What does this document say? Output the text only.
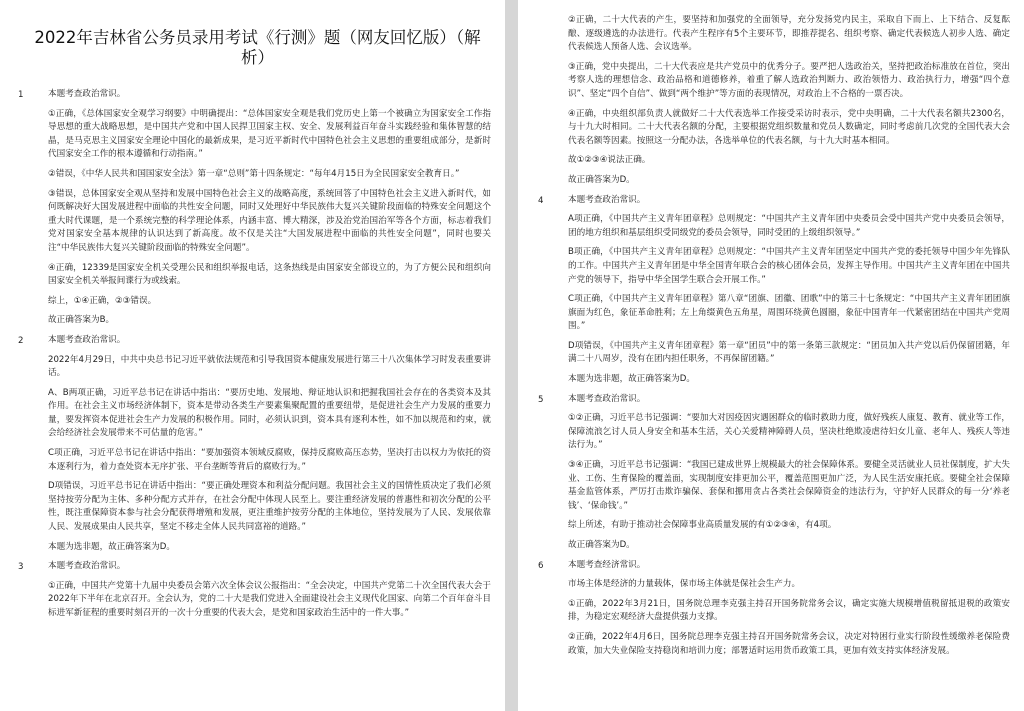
2022年吉林省公务员录用考试《行测》题（网友回忆版）（解析）
1	本题考查政治常识。
①正确，《总体国家安全观学习纲要》中明确提出：“总体国家安全观是我们党历史上第一个被确立为国家安全工作指导思想的重大战略思想，是中国共产党和中国人民捍卫国家主权、安全、发展利益百年奋斗实践经验和集体智慧的结晶，是马克思主义国家安全理论中国化的最新成果，是习近平新时代中国特色社会主义思想的重要组成部分，是新时代国家安全工作的根本遵循和行动指南。”
②错误，《中华人民共和国国家安全法》第一章“总则”第十四条规定：“每年4月15日为全民国家安全教育日。”
③错误，总体国家安全观从坚持和发展中国特色社会主义的战略高度，系统回答了中国特色社会主义进入新时代，如何既解决好大国发展进程中面临的共性安全问题，同时又处理好中华民族伟大复兴关键阶段面临的特殊安全问题这个重大时代课题，是一个系统完整的科学理论体系，内涵丰富、博大精深，涉及治党治国治军等各个方面，标志着我们党对国家安全基本规律的认识达到了新高度。故不仅是关注“大国发展进程中面临的共性安全问题”，同时也要关注“中华民族伟大复兴关键阶段面临的特殊安全问题”。
④正确，12339是国家安全机关受理公民和组织举报电话，这条热线是由国家安全部设立的，为了方便公民和组织向国家安全机关举报间谍行为或线索。
综上，①④正确，②③错误。
故正确答案为B。
2	本题考查政治常识。
2022年4月29日，中共中央总书记习近平就依法规范和引导我国资本健康发展进行第三十八次集体学习时发表重要讲话。
A、B两项正确，习近平总书记在讲话中指出：“要历史地、发展地、辩证地认识和把握我国社会存在的各类资本及其作用。在社会主义市场经济体制下，资本是带动各类生产要素集聚配置的重要纽带，是促进社会生产力发展的重要力量，要发挥资本促进社会生产力发展的积极作用。同时，必须认识到，资本具有逐利本性，如不加以规范和约束，就会给经济社会发展带来不可估量的危害。”
C项正确，习近平总书记在讲话中指出：“要加强资本领域反腐败，保持反腐败高压态势，坚决打击以权力为依托的资本逐利行为，着力查处资本无序扩张、平台垄断等背后的腐败行为。”
D项错误，习近平总书记在讲话中指出：“要正确处理资本和利益分配问题。我国社会主义的国情性质决定了我们必须坚持按劳分配为主体、多种分配方式并存，在社会分配中体现人民至上。要注重经济发展的普惠性和初次分配的公平性，既注重保障资本参与社会分配获得增殖和发展，更注重维护按劳分配的主体地位，坚持发展为了人民、发展依靠人民、发展成果由人民共享，坚定不移走全体人民共同富裕的道路。”
本题为选非题，故正确答案为D。
3	本题考查政治常识。
①正确，中国共产党第十九届中央委员会第六次全体会议公报指出：“全会决定，中国共产党第二十次全国代表大会于2022年下半年在北京召开。全会认为，党的二十大是我们党进入全面建设社会主义现代化国家、向第二个百年奋斗目标进军新征程的重要时刻召开的一次十分重要的代表大会，是党和国家政治生活中的一件大事。”
②正确，二十大代表的产生，要坚持和加强党的全面领导，充分发扬党内民主，采取自下而上、上下结合、反复酝酿、逐级遴选的办法进行。代表产生程序有5个主要环节，即推荐提名、组织考察、确定代表候选人初步人选、确定代表候选人预备人选、会议选举。
③正确，党中央提出，二十大代表应是共产党员中的优秀分子。要严把人选政治关，坚持把政治标准放在首位，突出考察人选的理想信念、政治品格和道德修养，着重了解人选政治判断力、政治领悟力、政治执行力，增强“四个意识”、坚定“四个自信”、做到“两个维护”等方面的表现情况，对政治上不合格的一票否决。
④正确，中央组织部负责人就做好二十大代表选举工作接受采访时表示，党中央明确，二十大代表名额共2300名，与十九大时相同。二十大代表名额的分配，主要根据党组织数量和党员人数确定，同时考虑前几次党的全国代表大会代表名额等因素。按照这一分配办法，各选举单位的代表名额，与十九大时基本相同。
故①②③④说法正确。
故正确答案为D。
4	本题考查政治常识。
A项正确，《中国共产主义青年团章程》总则规定：“中国共产主义青年团中央委员会受中国共产党中央委员会领导，团的地方组织和基层组织受同级党的委员会领导，同时受团的上级组织领导。”
B项正确，《中国共产主义青年团章程》总则规定：“中国共产主义青年团坚定中国共产党的委托领导中国少年先锋队的工作。中国共产主义青年团是中华全国青年联合会的核心团体会员，发挥主导作用。中国共产主义青年团在中国共产党的领导下，指导中华全国学生联合会开展工作。”
C项正确，《中国共产主义青年团章程》第八章“团旗、团徽、团歌”中的第三十七条规定：“中国共产主义青年团团旗旗面为红色，象征革命胜利；左上角缀黄色五角星，周围环绕黄色圆圈，象征中国青年一代紧密团结在中国共产党周围。”
D项错误，《中国共产主义青年团章程》第一章“团员”中的第一条第三款规定：“团员加入共产党以后仍保留团籍，年满二十八周岁，没有在团内担任职务，不再保留团籍。”
本题为选非题，故正确答案为D。
5	本题考查政治常识。
①②正确，习近平总书记强调：“要加大对因疫因灾遇困群众的临时救助力度，做好残疾人康复、教育、就业等工作，保障流浪乞讨人员人身安全和基本生活，关心关爱精神障碍人员，坚决杜绝欺凌虐待妇女儿童、老年人、残疾人等违法行为。”
③④正确，习近平总书记强调：“我国已建成世界上规模最大的社会保障体系。要健全灵活就业人员社保制度，扩大失业、工伤、生育保险的覆盖面，实现制度安排更加公平，覆盖范围更加广泛，为人民生活安康托底。要健全社会保障基金监管体系，严厉打击欺诈骗保、套保和挪用贪占各类社会保障资金的违法行为，守护好人民群众的每一分‘养老钱’、‘保命钱’。”
综上所述，有助于推动社会保障事业高质量发展的有①②③④，有4项。
故正确答案为D。
6	本题考查经济常识。
市场主体是经济的力量载体，保市场主体就是保社会生产力。
①正确，2022年3月21日，国务院总理李克强主持召开国务院常务会议，确定实施大规模增值税留抵退税的政策安排，为稳定宏观经济大盘提供强力支撑。
②正确，2022年4月6日，国务院总理李克强主持召开国务院常务会议，决定对特困行业实行阶段性缓缴养老保险费政策，加大失业保险支持稳岗和培训力度；部署适时运用货币政策工具，更加有效支持实体经济发展。
